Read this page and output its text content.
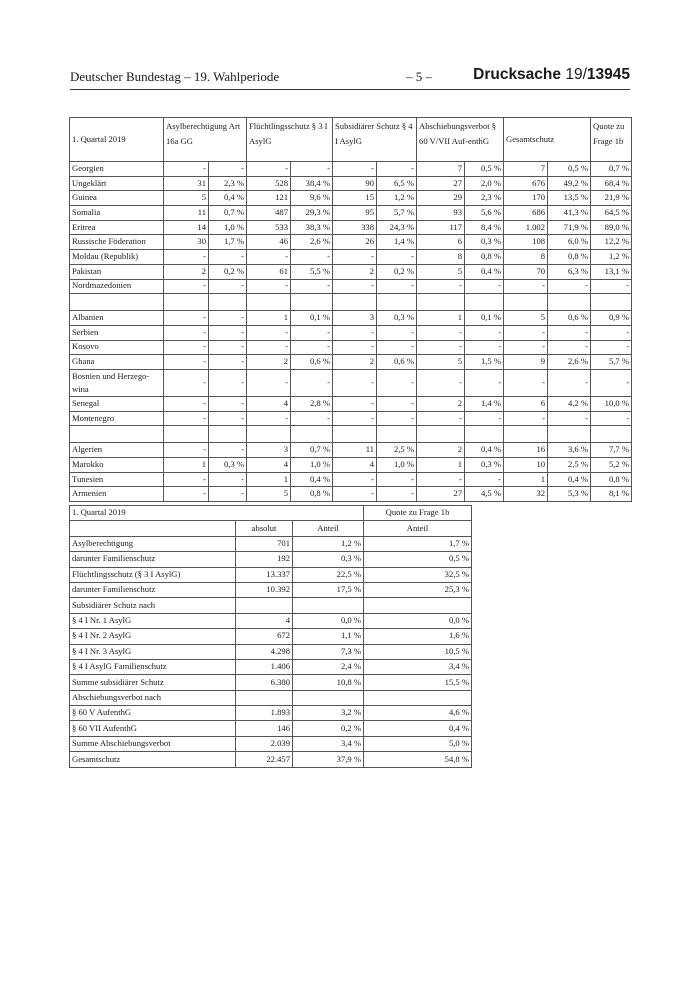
Deutscher Bundestag – 19. Wahlperiode	– 5 –	Drucksache 19/13945
1. Quartal 2019	Asylberechtigung Art 16a GG		Flüchtlingsschutz § 3 I AsylG		Subsidiärer Schutz § 4 I AsylG		Abschiebungsverbot § 60 V/VII Auf-enthG		Gesamtschutz		Quote zu Frage 1b
Georgien	-	-	-	-	-	-	7	0,5 %	7	0,5 %	0,7 %
Ungeklärt	31	2,3 %	528	38,4 %	90	6,5 %	27	2,0 %	676	49,2 %	68,4 %
Guinea	5	0,4 %	121	9,6 %	15	1,2 %	29	2,3 %	170	13,5 %	21,9 %
Somalia	11	0,7 %	487	29,3 %	95	5,7 %	93	5,6 %	686	41,3 %	64,5 %
Eritrea	14	1,0 %	533	38,3 %	338	24,3 %	117	8,4 %	1.002	71,9 %	89,0 %
Russische Föderation	30	1,7 %	46	2,6 %	26	1,4 %	6	0,3 %	108	6,0 %	12,2 %
Moldau (Republik)	-	-	-	-	-	-	8	0,8 %	8	0,8 %	1,2 %
Pakistan	2	0,2 %	61	5,5 %	2	0,2 %	5	0,4 %	70	6,3 %	13,1 %
Nordmazedonien	-	-	-	-	-	-	-	-	-	-	-

Albanien	-	-	1	0,1 %	3	0,3 %	1	0,1 %	5	0,6 %	0,9 %
Serbien	-	-	-	-	-	-	-	-	-	-	-
Kosovo	-	-	-	-	-	-	-	-	-	-	-
Ghana	-	-	2	0,6 %	2	0,6 %	5	1,5 %	9	2,6 %	5,7 %
Bosnien und Herzego-wina	-	-	-	-	-	-	-	-	-	-	-
Senegal	-	-	4	2,8 %	-	-	2	1,4 %	6	4,2 %	10,0 %
Montenegro	-	-	-	-	-	-	-	-	-	-	-

Algerien	-	-	3	0,7 %	11	2,5 %	2	0,4 %	16	3,6 %	7,7 %
Marokko	1	0,3 %	4	1,0 %	4	1,0 %	1	0,3 %	10	2,5 %	5,2 %
Tunesien	-	-	1	0,4 %	-	-	-	-	1	0,4 %	0,8 %
Armenien	-	-	5	0,8 %	-	-	27	4,5 %	32	5,3 %	8,1 %
1. Quartal 2019			Quote zu Frage 1b
	absolut	Anteil	Anteil
Asylberechtigung	701	1,2 %	1,7 %
darunter Familienschutz	192	0,3 %	0,5 %
Flüchtlingsschutz (§ 3 I AsylG)	13.337	22,5 %	32,5 %
darunter Familienschutz	10.392	17,5 %	25,3 %
Subsidiärer Schutz nach			
§ 4 I Nr. 1 AsylG	4	0,0 %	0,0 %
§ 4 I Nr. 2 AsylG	672	1,1 %	1,6 %
§ 4 I Nr. 3 AsylG	4.298	7,3 %	10,5 %
§ 4 I AsylG Familienschutz	1.406	2,4 %	3,4 %
Summe subsidiärer Schutz	6.380	10,8 %	15,5 %
Abschiebungsverbot nach			
§ 60 V AufenthG	1.893	3,2 %	4,6 %
§ 60 VII AufenthG	146	0,2 %	0,4 %
Summe Abschiebungsverbot	2.039	3,4 %	5,0 %
Gesamtschutz	22.457	37,9 %	54,8 %
